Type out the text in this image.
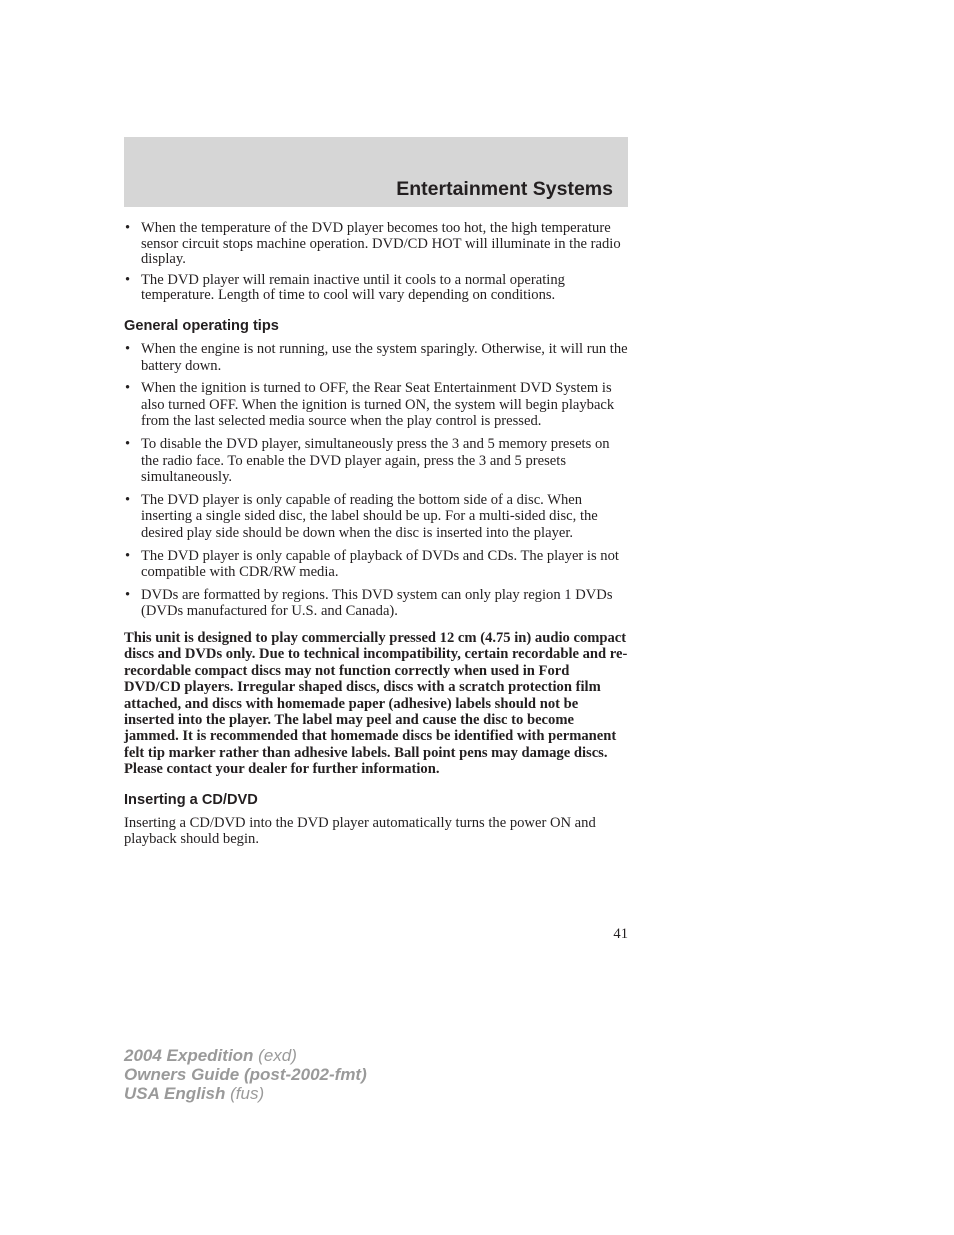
Entertainment Systems
• When the temperature of the DVD player becomes too hot, the high temperature sensor circuit stops machine operation. DVD/CD HOT will illuminate in the radio display.
• The DVD player will remain inactive until it cools to a normal operating temperature. Length of time to cool will vary depending on conditions.
General operating tips
• When the engine is not running, use the system sparingly. Otherwise, it will run the battery down.
• When the ignition is turned to OFF, the Rear Seat Entertainment DVD System is also turned OFF. When the ignition is turned ON, the system will begin playback from the last selected media source when the play control is pressed.
• To disable the DVD player, simultaneously press the 3 and 5 memory presets on the radio face. To enable the DVD player again, press the 3 and 5 presets simultaneously.
• The DVD player is only capable of reading the bottom side of a disc. When inserting a single sided disc, the label should be up. For a multi-sided disc, the desired play side should be down when the disc is inserted into the player.
• The DVD player is only capable of playback of DVDs and CDs. The player is not compatible with CDR/RW media.
• DVDs are formatted by regions. This DVD system can only play region 1 DVDs (DVDs manufactured for U.S. and Canada).

This unit is designed to play commercially pressed 12 cm (4.75 in) audio compact discs and DVDs only. Due to technical incompatibility, certain recordable and re-recordable compact discs may not function correctly when used in Ford DVD/CD players. Irregular shaped discs, discs with a scratch protection film attached, and discs with homemade paper (adhesive) labels should not be inserted into the player. The label may peel and cause the disc to become jammed. It is recommended that homemade discs be identified with permanent felt tip marker rather than adhesive labels. Ball point pens may damage discs. Please contact your dealer for further information.

Inserting a CD/DVD

Inserting a CD/DVD into the DVD player automatically turns the power ON and playback should begin.

41
2004 Expedition (exd)
Owners Guide (post-2002-fmt)
USA English (fus)
